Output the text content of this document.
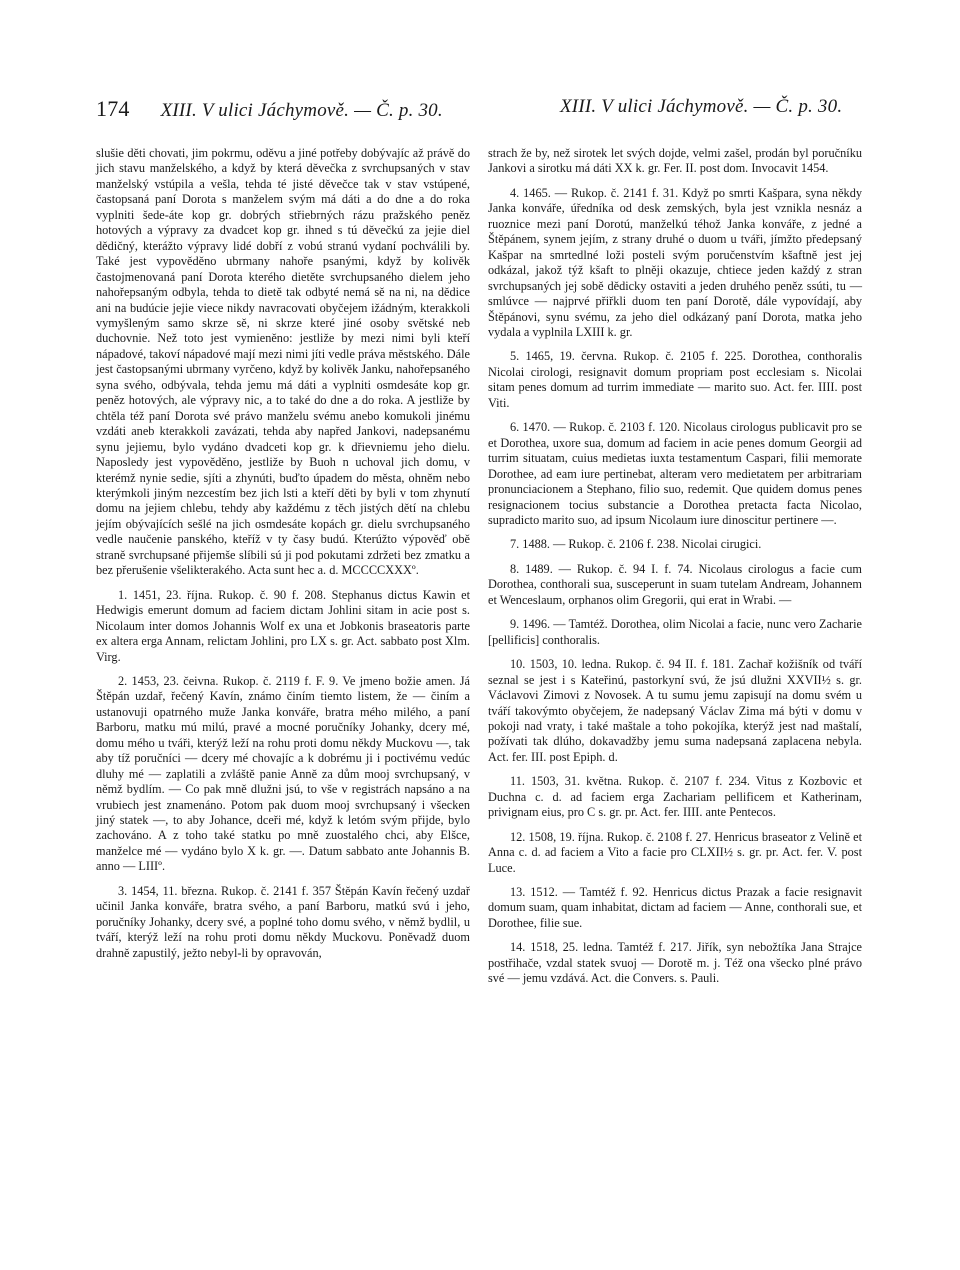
174 XIII. V ulici Jáchymově. — Č. p. 30.	XIII. V ulici Jáchymově. — Č. p. 30.

slušie děti chovati, jim pokrmu, oděvu a jiné potřeby dobývajíc až právě do jich stavu manželského, a když by která děvečka z svrchupsaných v stav manželský vstúpila a vešla, tehda té jisté děvečce tak v stav vstúpené, častopsaná paní Dorota s manželem svým má dáti a do dne a do roka vyplniti šede-áte kop gr. dobrých střiebrných rázu pražského peněz hotových a výpravy za dvadcet kop gr. ihned s tú děvečkú za jejie diel dědičný, kterážto výpravy lidé dobří z vobú stranú vydaní pochválili by. Také jest vypověděno ubrmany nahoře psanými, když by kolivěk častojmenovaná paní Dorota kterého dietěte svrchupsaného dielem jeho nahořepsaným odbyla, tehda to dietě tak odbyté nemá sě na ni, na dědice ani na budúcie jejie viece nikdy navracovati obyčejem ižádným, kterakkoli vymyšleným samo skrze sě, ni skrze které jiné osoby světské neb duchovnie. Než toto jest vymieněno: jestliže by mezi nimi byli kteří nápadové, takoví nápadové mají mezi nimi jíti vedle práva městského. Dále jest častopsanými ubrmany vyrčeno, když by kolivěk Janku, nahořepsaného syna svého, odbývala, tehda jemu má dáti a vyplniti osmdesáte kop gr. peněz hotových, ale výpravy nic, a to také do dne a do roka. A jestliže by chtěla též paní Dorota své právo manželu svému anebo komukoli jinému vzdáti aneb kterakkoli zavázati, tehda aby napřed Jankovi, nadepsanému synu jejiemu, bylo vydáno dvadceti kop gr. k dřievniemu jeho dielu. Naposledy jest vypověděno, jestliže by Buoh n uchoval jich domu, v kterémž nynie sedie, sjíti a zhynúti, buďto úpadem do města, ohněm nebo kterýmkoli jiným nezcestím bez jich lsti a kteří děti by byli v tom zhynutí domu na jejiem chlebu, tehdy aby každému z těch jistých dětí na chlebu jejím obývajících sešlé na jich osmdesáte kopách gr. dielu svrchupsaného vedle naučenie panského, kteříž v ty časy budú. Kterúžto výpověď obě straně svrchupsané přijemše slíbili sú ji pod pokutami zdržeti bez zmatku a bez přerušenie všelikterakého. Acta sunt hec a. d. MCCCCXXXº.

1. 1451, 23. října. Rukop. č. 90 f. 208. Stephanus dictus Kawin et Hedwigis emerunt domum ad faciem dictam Johlini sitam in acie post s. Nicolaum inter domos Johannis Wolf ex una et Jobkonis braseatoris parte ex altera erga Annam, relictam Johlini, pro LX s. gr. Act. sabbato post Xlm. Virg.

2. 1453, 23. čeivna. Rukop. č. 2119 f. F. 9. Ve jmeno božie amen. Já Štěpán uzdař, řečený Kavín, známo činím tiemto listem, že — činím a ustanovuji opatrného muže Janka konváře, bratra mého milého, a paní Barboru, matku mú milú, pravé a mocné poručníky Johanky, dcery mé, domu mého u tváři, kterýž leží na rohu proti domu někdy Muckovu —, tak aby tíž poručníci — dcery mé chovajíc a k dobrému ji i poctivému vedúc dluhy mé — zaplatili a zvláště panie Anně za dům mooj svrchupsaný, v němž bydlím. — Co pak mně dlužni jsú, to vše v registrách napsáno a na vrubiech jest znamenáno. Potom pak duom mooj svrchupsaný i všecken jiný statek —, to aby Johance, dceři mé, když k letóm svým přijde, bylo zachováno. A z toho také statku po mně zuostalého chci, aby Elšce, manželce mé — vydáno bylo X k. gr. —. Datum sabbato ante Johannis B. anno — LIIIº.

3. 1454, 11. března. Rukop. č. 2141 f. 357 Štěpán Kavín řečený uzdař učinil Janka konváře, bratra svého, a paní Barboru, matkú svú i jeho, poručníky Johanky, dcery své, a poplné toho domu svého, v němž bydlil, u tváří, kterýž leží na rohu proti domu někdy Muckovu. Poněvadž duom drahně zapustilý, ježto nebyl-li by opravován,

strach že by, než sirotek let svých dojde, velmi zašel, prodán byl poručníku Jankovi a sirotku má dáti XX k. gr. Fer. II. post dom. Invocavit 1454.

4. 1465. — Rukop. č. 2141 f. 31. Když po smrti Kašpara, syna někdy Janka konváře, úředníka od desk zemských, byla jest vznikla nesnáz a ruoznice mezi paní Dorotú, manželkú téhož Janka konváře, z jedné a Štěpánem, synem jejím, z strany druhé o duom u tváři, jímžto předepsaný Kašpar na smrtedlné loži posteli svým poručenstvím kšaftně jest jej odkázal, jakož týž kšaft to plněji okazuje, chtiece jeden každý z stran svrchupsaných jej sobě dědicky ostaviti a jeden druhého peněz ssúti, tu — smlúvce — najprvé přiřkli duom ten paní Dorotě, dále vypovídají, aby Štěpánovi, synu svému, za jeho diel odkázaný paní Dorota, matka jeho vydala a vyplnila LXIII k. gr.

5. 1465, 19. června. Rukop. č. 2105 f. 225. Dorothea, conthoralis Nicolai cirologi, resignavit domum propriam post ecclesiam s. Nicolai sitam penes domum ad turrim immediate — marito suo. Act. fer. IIII. post Viti.

6. 1470. — Rukop. č. 2103 f. 120. Nicolaus cirologus publicavit pro se et Dorothea, uxore sua, domum ad faciem in acie penes domum Georgii ad turrim situatam, cuius medietas iuxta testamentum Caspari, filii memorate Dorothee, ad eam iure pertinebat, alteram vero medietatem per arbitrariam pronunciacionem a Stephano, filio suo, redemit. Que quidem domus penes resignacionem tocius substancie a Dorothea pretacta facta Nicolao, supradicto marito suo, ad ipsum Nicolaum iure dinoscitur pertinere —.

7. 1488. — Rukop. č. 2106 f. 238. Nicolai cirugici.

8. 1489. — Rukop. č. 94 I. f. 74. Nicolaus cirologus a facie cum Dorothea, conthorali sua, susceperunt in suam tutelam Andream, Johannem et Wenceslaum, orphanos olim Gregorii, qui erat in Wrabi. —

9. 1496. — Tamtéž. Dorothea, olim Nicolai a facie, nunc vero Zacharie [pellificis] conthoralis.

10. 1503, 10. ledna. Rukop. č. 94 II. f. 181. Zachař kožišník od tváří seznal se jest i s Kateřinú, pastorkyní svú, že jsú dlužni XXVII½ s. gr. Václavovi Zimovi z Novosek. A tu sumu jemu zapisují na domu svém u tváří takovýmto obyčejem, že nadepsaný Václav Zima má býti v domu v pokoji nad vraty, i také maštale a toho pokojíka, kterýž jest nad maštalí, požívati tak dlúho, dokavadžby jemu suma nadepsaná zaplacena nebyla. Act. fer. III. post Epiph. d.

11. 1503, 31. května. Rukop. č. 2107 f. 234. Vitus z Kozbovic et Duchna c. d. ad faciem erga Zachariam pellificem et Katherinam, privignam eius, pro C s. gr. pr. Act. fer. IIII. ante Pentecos.

12. 1508, 19. října. Rukop. č. 2108 f. 27. Henricus braseator z Velině et Anna c. d. ad faciem a Vito a facie pro CLXII½ s. gr. pr. Act. fer. V. post Luce.

13. 1512. — Tamtéž f. 92. Henricus dictus Prazak a facie resignavit domum suam, quam inhabitat, dictam ad faciem — Anne, conthorali sue, et Dorothee, filie sue.

14. 1518, 25. ledna. Tamtéž f. 217. Jiřík, syn nebožtíka Jana Strajce postřihače, vzdal statek svuoj — Dorotě m. j. Též ona všecko plné právo své — jemu vzdává. Act. die Convers. s. Pauli.
